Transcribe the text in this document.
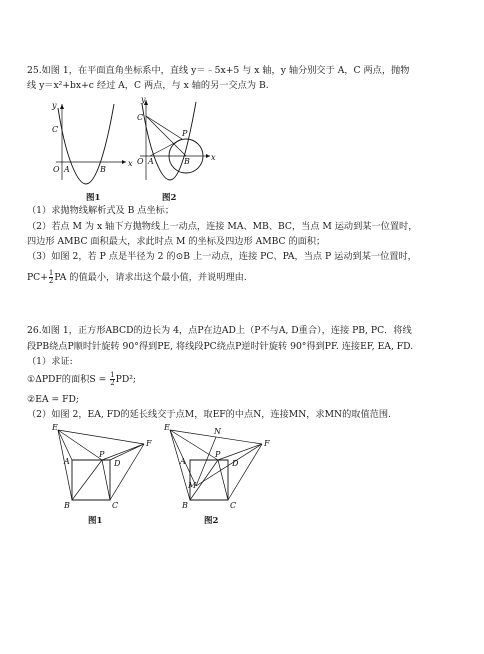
25.如图 1，在平面直角坐标系中，直线 y＝﹣5x+5 与 x 轴，y 轴分别交于 A，C 两点，抛物
线 y＝x²+bx+c 经过 A，C 两点，与 x 轴的另一交点为 B.
y
x
C
O A	B
图1
y
x
C
O A	B
P
图2
（1）求抛物线解析式及 B 点坐标；
（2）若点 M 为 x 轴下方抛物线上一动点，连接 MA、MB、BC，当点 M 运动到某一位置时，
四边形 AMBC 面积最大，求此时点 M 的坐标及四边形 AMBC 的面积；
（3）如图 2，若 P 点是半径为 2 的⊙B 上一动点，连接 PC、PA，当点 P 运动到某一位置时，
$PC+ \frac{1}{2}$ PA 的值最小，请求出这个最小值，并说明理由.
26.如图 1，正方形ABCD的边长为 4，点P在边AD上（P不与A, D重合），连接 PB, PC．将线
段PB绕点P顺时针旋转 90°得到PE, 将线段PC绕点P逆时针旋转 90°得到PF. 连接EF, EA, FD.
（1）求证:
①ΔPDF的面积$S = \frac{1}{2} PD^2$;
②EA = FD;
（2）如图 2，EA, FD的延长线交于点M，取EF的中点N，连接MN，求MN的取值范围.
E
F
A
P
D
B	C
图1
E	N
F
A
P
D
M
B	C
图2
